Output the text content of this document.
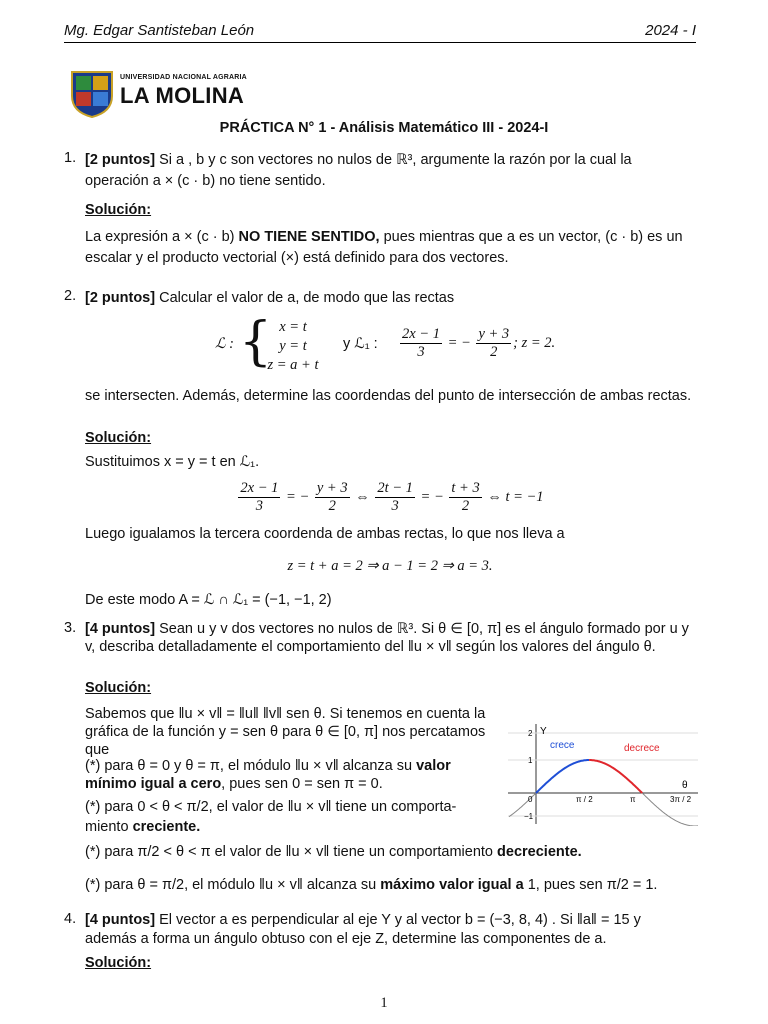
Mg. Edgar Santisteban León	2024 - I
UNIVERSIDAD NACIONAL AGRARIA
LA MOLINA
PRÁCTICA N° 1 - Análisis Matemático III - 2024-I
1. [2 puntos] Si a , b y c son vectores no nulos de ℝ³, argumente la razón por la cual la operación a × (c · b) no tiene sentido.
Solución:
La expresión a × (c · b) NO TIENE SENTIDO, pues mientras que a es un vector, (c · b) es un escalar y el producto vectorial (×) está definido para dos vectores.
2. [2 puntos] Calcular el valor de a, de modo que las rectas
ℒ : { x = t
y = t
z = a + t
y ℒ₁ : $\frac{2x - 1}{3}$ = − $\frac{y + 3}{2}$ ; z = 2.
se intersecten. Además, determine las coordendas del punto de intersección de ambas rectas.
Solución:
Sustituimos x = y = t en ℒ₁.
$\frac{2x - 1}{3}$ = − $\frac{y + 3}{2}$ ⇔ $\frac{2t - 1}{3}$ = − $\frac{t + 3}{2}$ ⇔ t = −1
Luego igualamos la tercera coordenda de ambas rectas, lo que nos lleva a
z = t + a = 2 ⇒ a − 1 = 2 ⇒ a = 3.
De este modo A = ℒ ∩ ℒ₁ = (−1, −1, 2)
3. [4 puntos] Sean u y v dos vectores no nulos de ℝ³. Si θ ∈ [0, π] es el ángulo formado por u y v, describa detalladamente el comportamiento del ‖u × v‖ según los valores del ángulo θ.
Solución:
Sabemos que ‖u × v‖ = ‖u‖ ‖v‖ sen θ. Si tenemos en cuenta la gráfica de la función y = sen θ para θ ∈ [0, π] nos percatamos que
(*) para θ = 0 y θ = π, el módulo ‖u × v‖ alcanza su valor mínimo igual a cero, pues sen 0 = sen π = 0.
(*) para 0 < θ < π/2, el valor de ‖u × v‖ tiene un comporta- miento creciente.
(*) para π/2 < θ < π el valor de ‖u × v‖ tiene un comportamiento decreciente.
(*) para θ = π/2, el módulo ‖u × v‖ alcanza su máximo valor igual a 1, pues sen π/2 = 1.
Y
θ
crece	decrece
0	π / 2	π	3π / 2
2
1
−1
4. [4 puntos] El vector a es perpendicular al eje Y y al vector b = (−3, 8, 4) . Si ‖a‖ = 15 y además a forma un ángulo obtuso con el eje Z, determine las componentes de a.
Solución:
1
